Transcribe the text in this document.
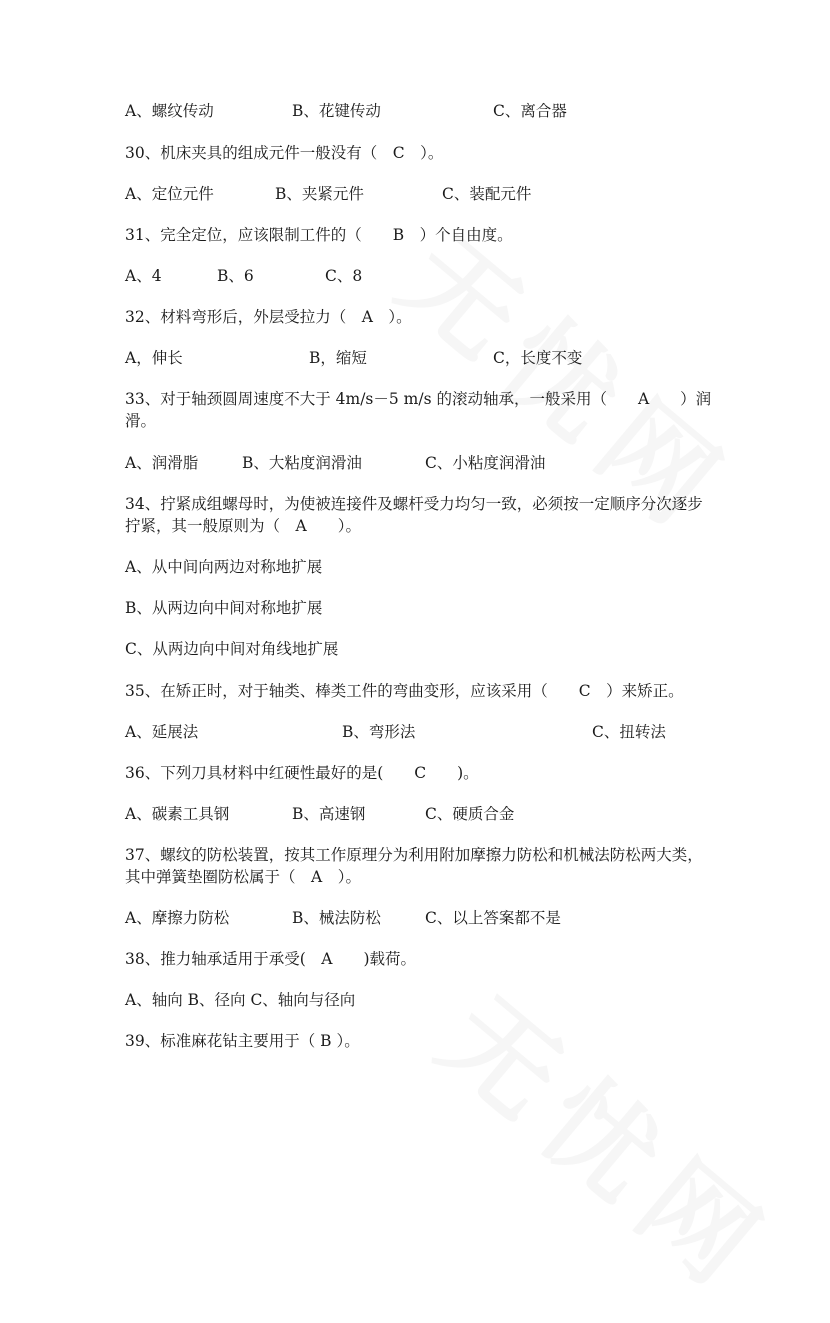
A、螺纹传动	B、花键传动	C、离合器

30、机床夹具的组成元件一般没有（　C　）。

A、定位元件	B、夹紧元件	C、装配元件

31、完全定位，应该限制工件的（　　B　）个自由度。

A、4	B、6	C、8

32、材料弯形后，外层受拉力（　A　）。

A，伸长	B，缩短	C，长度不变

33、对于轴颈圆周速度不大于 4m/s－5 m/s 的滚动轴承，一般采用（　　A　　）润滑。

A、润滑脂	B、大粘度润滑油	C、小粘度润滑油

34、拧紧成组螺母时，为使被连接件及螺杆受力均匀一致，必须按一定顺序分次逐步拧紧，其一般原则为（　A　　）。

A、从中间向两边对称地扩展

B、从两边向中间对称地扩展

C、从两边向中间对角线地扩展

35、在矫正时，对于轴类、棒类工件的弯曲变形，应该采用（　　C　）来矫正。

A、延展法	B、弯形法	C、扭转法

36、下列刀具材料中红硬性最好的是(　　C　　)。

A、碳素工具钢	B、高速钢	C、硬质合金

37、螺纹的防松装置，按其工作原理分为利用附加摩擦力防松和机械法防松两大类，其中弹簧垫圈防松属于（　A　）。

A、摩擦力防松	B、械法防松	C、以上答案都不是

38、推力轴承适用于承受(　A　　)载荷。

A、轴向 B、径向 C、轴向与径向

39、标准麻花钻主要用于（ B ）。
